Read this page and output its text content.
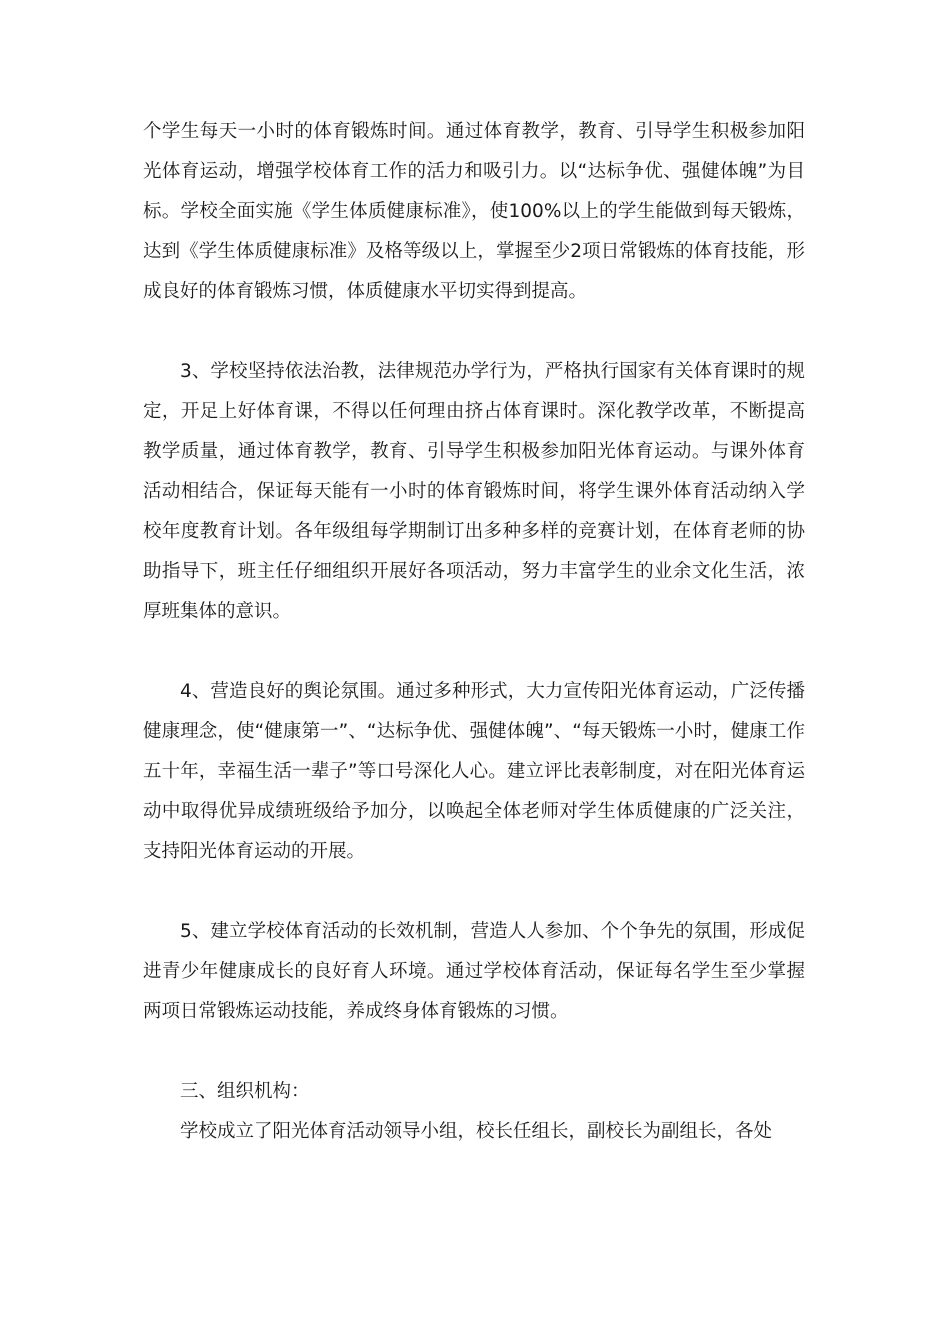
个学生每天一小时的体育锻炼时间。通过体育教学，教育、引导学生积极参加阳光体育运动，增强学校体育工作的活力和吸引力。以“达标争优、强健体魄”为目标。学校全面实施《学生体质健康标准》，使100%以上的学生能做到每天锻炼，达到《学生体质健康标准》及格等级以上，掌握至少2项日常锻炼的体育技能，形成良好的体育锻炼习惯，体质健康水平切实得到提高。

3、学校坚持依法治教，法律规范办学行为，严格执行国家有关体育课时的规定，开足上好体育课，不得以任何理由挤占体育课时。深化教学改革，不断提高教学质量，通过体育教学，教育、引导学生积极参加阳光体育运动。与课外体育活动相结合，保证每天能有一小时的体育锻炼时间，将学生课外体育活动纳入学校年度教育计划。各年级组每学期制订出多种多样的竞赛计划，在体育老师的协助指导下，班主任仔细组织开展好各项活动，努力丰富学生的业余文化生活，浓厚班集体的意识。

4、营造良好的舆论氛围。通过多种形式，大力宣传阳光体育运动，广泛传播健康理念，使“健康第一”、“达标争优、强健体魄”、“每天锻炼一小时，健康工作五十年，幸福生活一辈子”等口号深化人心。建立评比表彰制度，对在阳光体育运动中取得优异成绩班级给予加分，以唤起全体老师对学生体质健康的广泛关注，支持阳光体育运动的开展。

5、建立学校体育活动的长效机制，营造人人参加、个个争先的氛围，形成促进青少年健康成长的良好育人环境。通过学校体育活动，保证每名学生至少掌握两项日常锻炼运动技能，养成终身体育锻炼的习惯。

三、组织机构：

学校成立了阳光体育活动领导小组，校长任组长，副校长为副组长，各处
